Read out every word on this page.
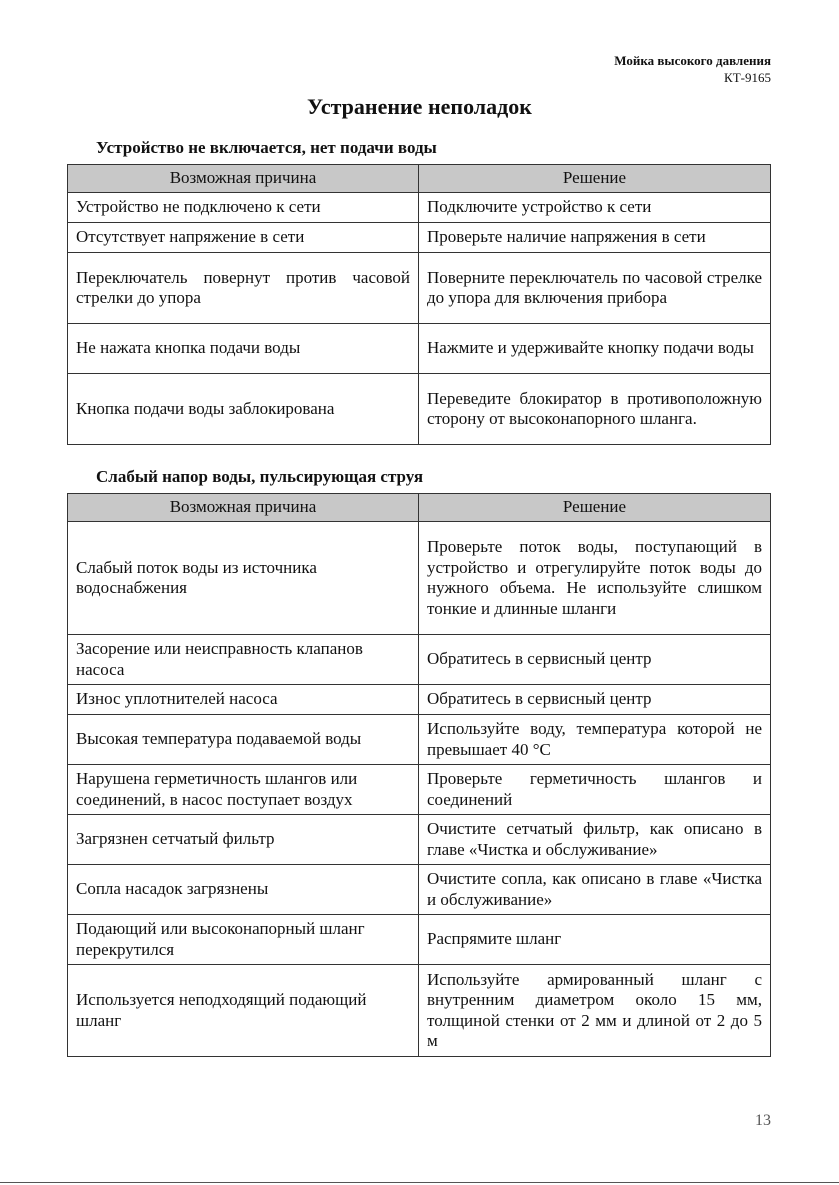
Мойка высокого давления
КТ-9165
Устранение неполадок
Устройство не включается, нет подачи воды
Возможная причина	Решение
Устройство не подключено к сети	Подключите устройство к сети
Отсутствует напряжение в сети	Проверьте наличие напряжения в сети
Переключатель повернут против часовой стрелки до упора	Поверните переключатель по часовой стрелке до упора для включения прибора
Не нажата кнопка подачи воды	Нажмите и удерживайте кнопку подачи воды
Кнопка подачи воды заблокирована	Переведите блокиратор в противоположную сторону от высоконапорного шланга.
Слабый напор воды, пульсирующая струя
Возможная причина	Решение
Слабый поток воды из источника водоснабжения	Проверьте поток воды, поступающий в устройство и отрегулируйте поток воды до нужного объема. Не используйте слишком тонкие и длинные шланги
Засорение или неисправность клапанов насоса	Обратитесь в сервисный центр
Износ уплотнителей насоса	Обратитесь в сервисный центр
Высокая температура подаваемой воды	Используйте воду, температура которой не превышает 40 °С
Нарушена герметичность шлангов или соединений, в насос поступает воздух	Проверьте герметичность шлангов и соединений
Загрязнен сетчатый фильтр	Очистите сетчатый фильтр, как описано в главе «Чистка и обслуживание»
Сопла насадок загрязнены	Очистите сопла, как описано в главе «Чистка и обслуживание»
Подающий или высоконапорный шланг перекрутился	Распрямите шланг
Используется неподходящий подающий шланг	Используйте армированный шланг с внутренним диаметром около 15 мм, толщиной стенки от 2 мм и длиной от 2 до 5 м
13
